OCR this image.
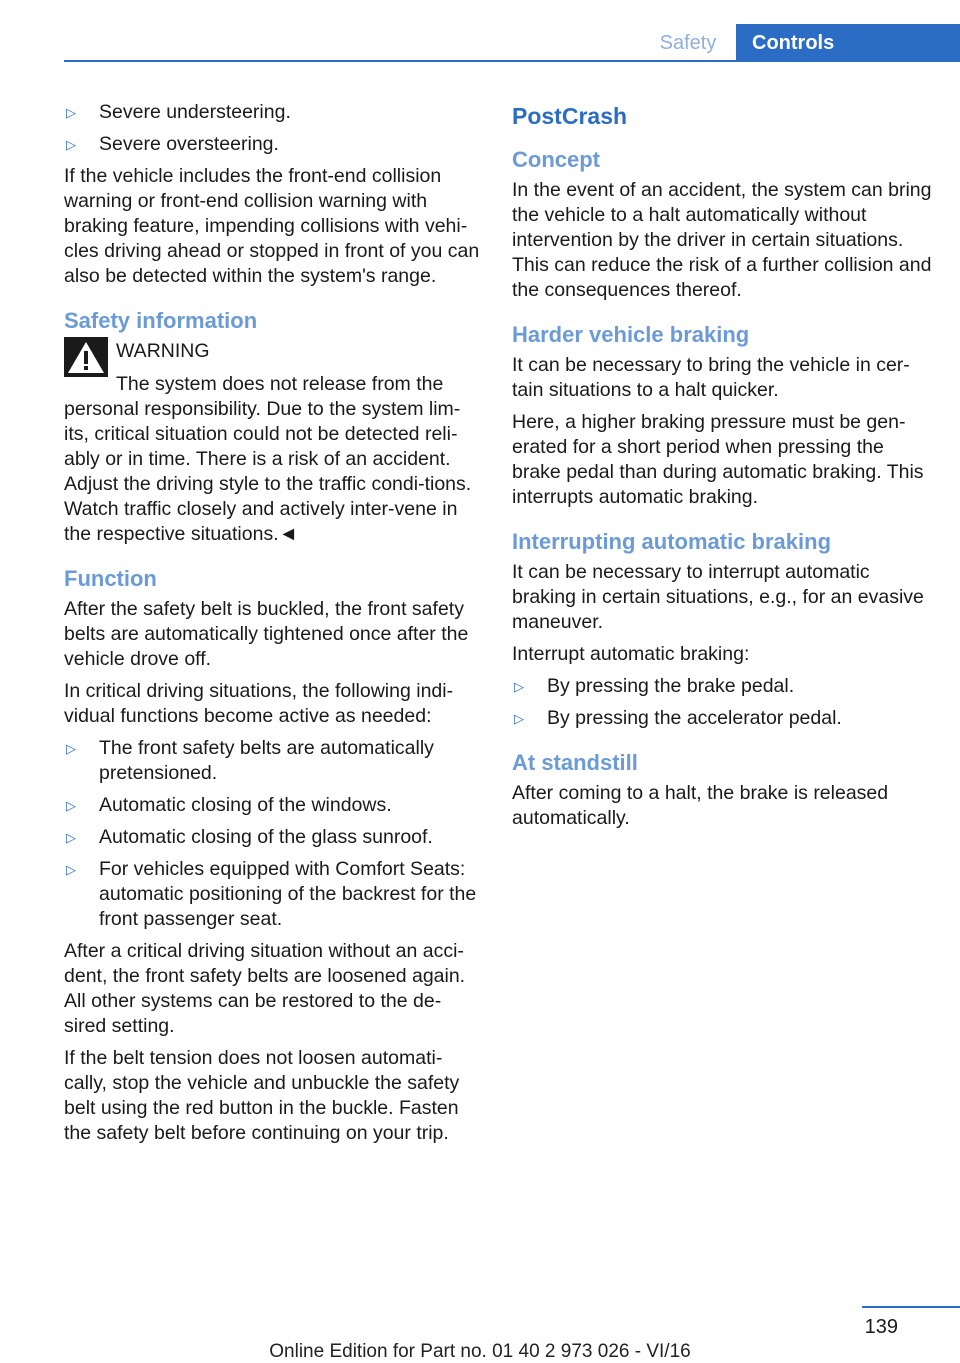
Safety	Controls
▷ Severe understeering.
▷ Severe oversteering.

If the vehicle includes the front-end collision warning or front-end collision warning with braking feature, impending collisions with vehi-cles driving ahead or stopped in front of you can also be detected within the system's range.

Safety information
WARNING

The system does not release from the personal responsibility. Due to the system lim-its, critical situation could not be detected reli-ably or in time. There is a risk of an accident. Adjust the driving style to the traffic condi-tions. Watch traffic closely and actively inter-vene in the respective situations.◄

Function

After the safety belt is buckled, the front safety belts are automatically tightened once after the vehicle drove off.

In critical driving situations, the following indi-vidual functions become active as needed:

▷ The front safety belts are automatically pretensioned.
▷ Automatic closing of the windows.
▷ Automatic closing of the glass sunroof.
▷ For vehicles equipped with Comfort Seats: automatic positioning of the backrest for the front passenger seat.

After a critical driving situation without an acci-dent, the front safety belts are loosened again. All other systems can be restored to the de-sired setting.

If the belt tension does not loosen automati-cally, stop the vehicle and unbuckle the safety belt using the red button in the buckle. Fasten the safety belt before continuing on your trip.

PostCrash
Concept

In the event of an accident, the system can bring the vehicle to a halt automatically without intervention by the driver in certain situations. This can reduce the risk of a further collision and the consequences thereof.

Harder vehicle braking

It can be necessary to bring the vehicle in cer-tain situations to a halt quicker.

Here, a higher braking pressure must be gen-erated for a short period when pressing the brake pedal than during automatic braking. This interrupts automatic braking.

Interrupting automatic braking

It can be necessary to interrupt automatic braking in certain situations, e.g., for an evasive maneuver.

Interrupt automatic braking:

▷ By pressing the brake pedal.
▷ By pressing the accelerator pedal.
At standstill

After coming to a halt, the brake is released automatically.

139
Online Edition for Part no. 01 40 2 973 026 - VI/16
